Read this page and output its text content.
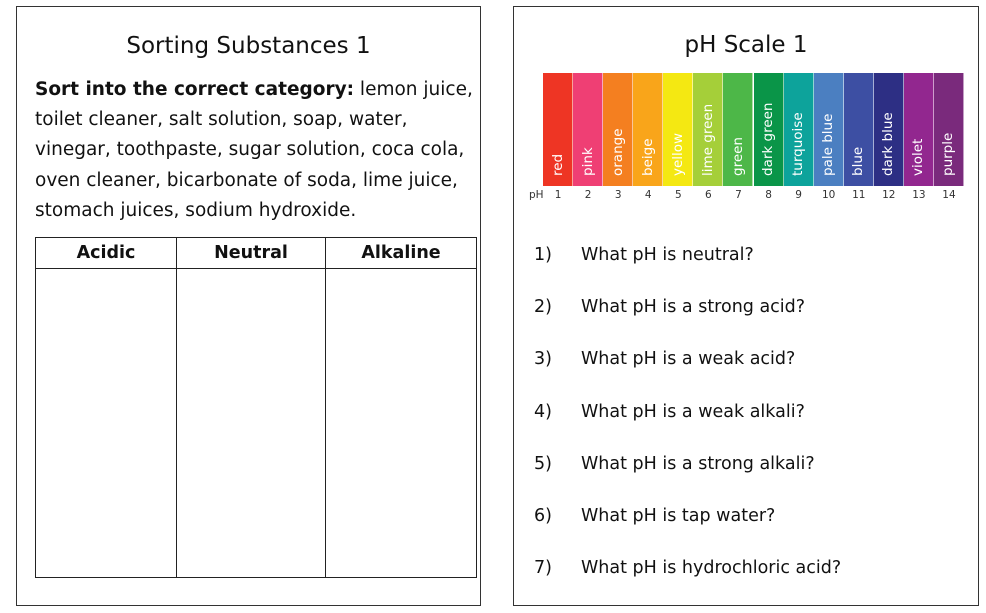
Sorting Substances 1
Sort into the correct category: lemon juice, toilet cleaner, salt solution, soap, water, vinegar, toothpaste, sugar solution, coca cola, oven cleaner, bicarbonate of soda, lime juice, stomach juices, sodium hydroxide.
Acidic	Neutral	Alkaline

pH Scale 1
pH
red
1
pink
2
orange
3
beige
4
yellow
5
lime green
6
green
7
dark green
8
turquoise
9
pale blue
10
blue
11
dark blue
12
violet
13
purple
14
1)	What pH is neutral?
2)	What pH is a strong acid?
3)	What pH is a weak acid?
4)	What pH is a weak alkali?
5)	What pH is a strong alkali?
6)	What pH is tap water?
7)	What pH is hydrochloric acid?
